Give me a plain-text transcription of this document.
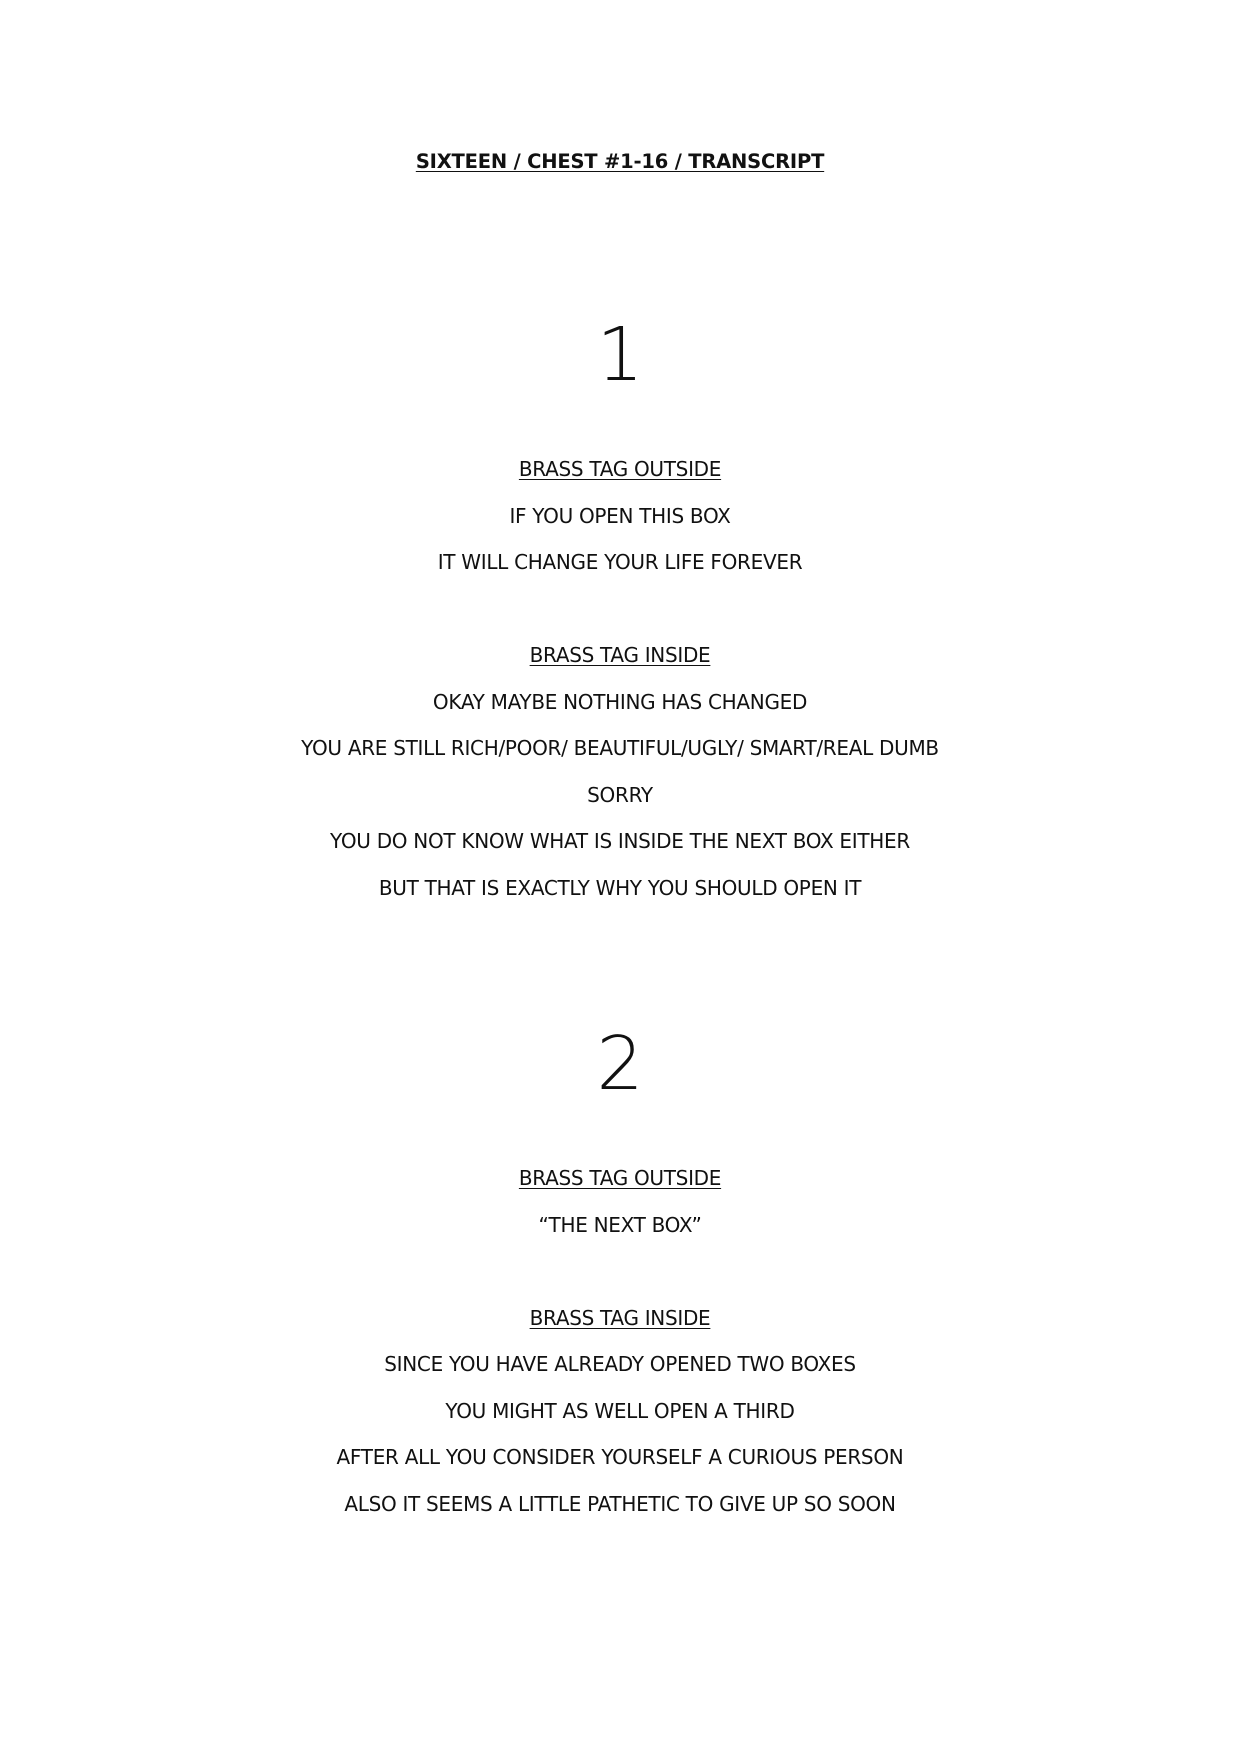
SIXTEEN / CHEST #1-16 / TRANSCRIPT

1

BRASS TAG OUTSIDE

IF YOU OPEN THIS BOX

IT WILL CHANGE YOUR LIFE FOREVER

BRASS TAG INSIDE

OKAY MAYBE NOTHING HAS CHANGED

YOU ARE STILL RICH/POOR/ BEAUTIFUL/UGLY/ SMART/REAL DUMB

SORRY

YOU DO NOT KNOW WHAT IS INSIDE THE NEXT BOX EITHER

BUT THAT IS EXACTLY WHY YOU SHOULD OPEN IT

2

BRASS TAG OUTSIDE

“THE NEXT BOX”

BRASS TAG INSIDE

SINCE YOU HAVE ALREADY OPENED TWO BOXES

YOU MIGHT AS WELL OPEN A THIRD

AFTER ALL YOU CONSIDER YOURSELF A CURIOUS PERSON

ALSO IT SEEMS A LITTLE PATHETIC TO GIVE UP SO SOON
